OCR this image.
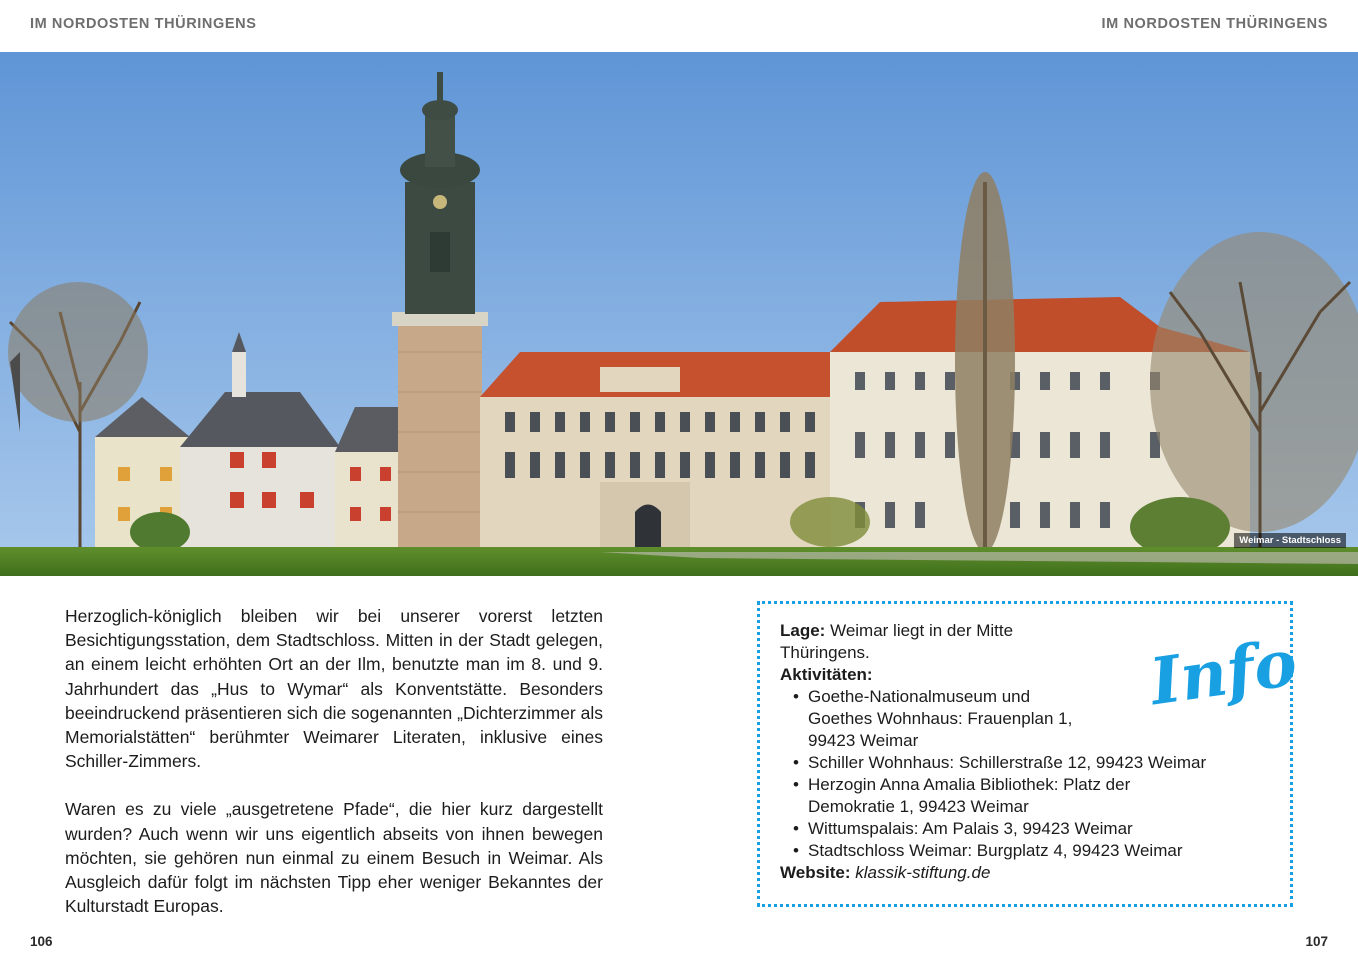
IM NORDOSTEN THÜRINGENS	IM NORDOSTEN THÜRINGENS
Weimar - Stadtschloss

Herzoglich-königlich bleiben wir bei unserer vorerst letzten Besichtigungsstation, dem Stadtschloss. Mitten in der Stadt gelegen, an einem leicht erhöhten Ort an der Ilm, benutzte man im 8. und 9. Jahrhundert das „Hus to Wymar“ als Konventstätte. Besonders beeindruckend präsentieren sich die sogenannten „Dichterzimmer als Memorialstätten“ berühmter Weimarer Literaten, inklusive eines Schiller-Zimmers.

Waren es zu viele „ausgetretene Pfade“, die hier kurz dargestellt wurden? Auch wenn wir uns eigentlich abseits von ihnen bewegen möchten, sie gehören nun einmal zu einem Besuch in Weimar. Als Ausgleich dafür folgt im nächsten Tipp eher weniger Bekanntes der Kulturstadt Europas.

Info
Lage: Weimar liegt in der Mitte Thüringens.
Aktivitäten:
• Goethe-Nationalmuseum und Goethes Wohnhaus: Frauenplan 1, 99423 Weimar
• Schiller Wohnhaus: Schillerstraße 12, 99423 Weimar
• Herzogin Anna Amalia Bibliothek: Platz der Demokratie 1, 99423 Weimar
• Wittumspalais: Am Palais 3, 99423 Weimar
• Stadtschloss Weimar: Burgplatz 4, 99423 Weimar
Website: klassik-stiftung.de
106	107
